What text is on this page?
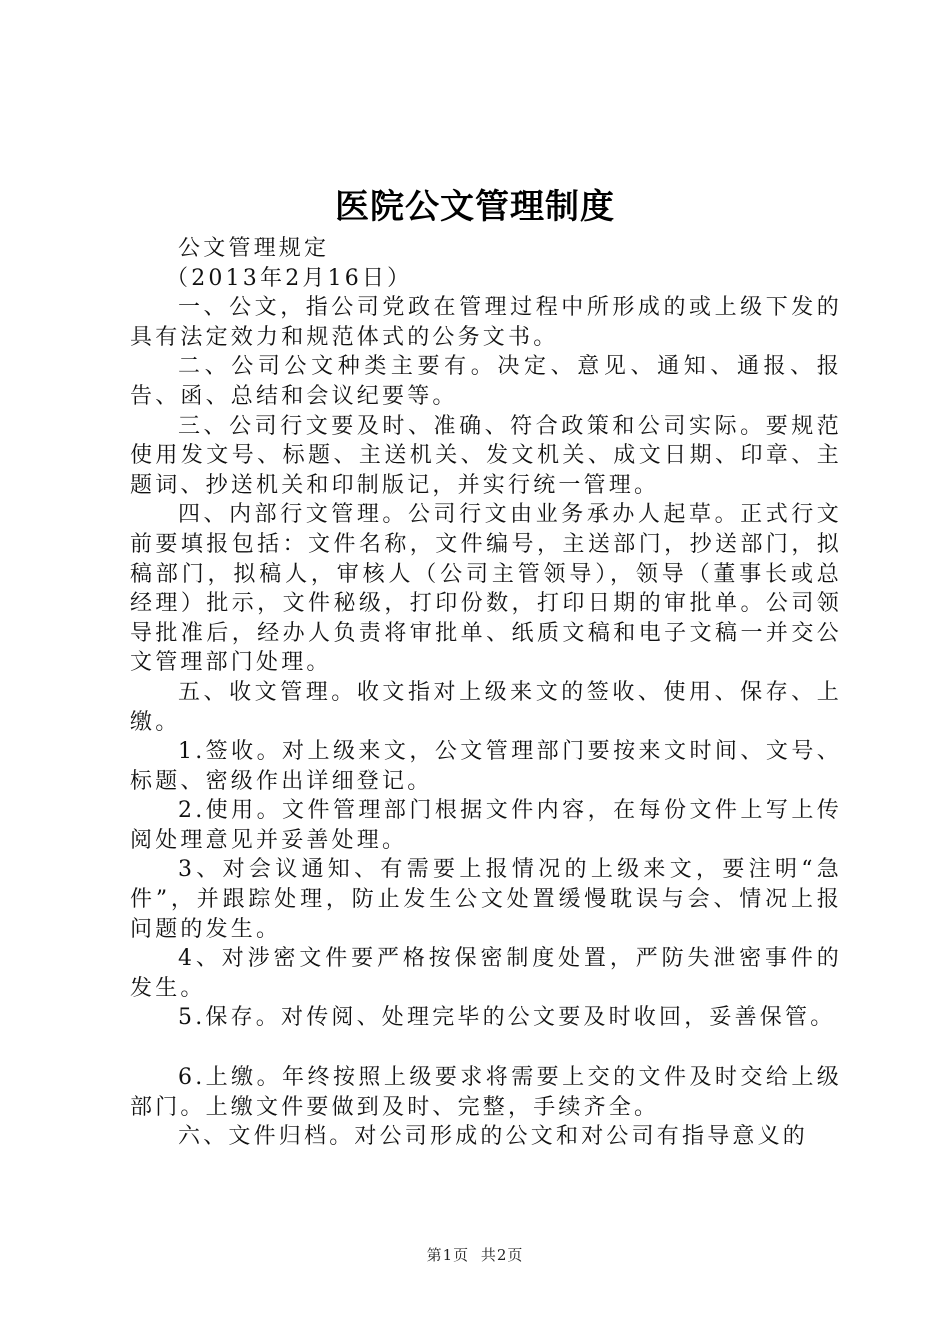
医院公文管理制度

公文管理规定

（2013年2月16日）

一、公文，指公司党政在管理过程中所形成的或上级下发的具有法定效力和规范体式的公务文书。

二、公司公文种类主要有。决定、意见、通知、通报、报告、函、总结和会议纪要等。

三、公司行文要及时、准确、符合政策和公司实际。要规范使用发文号、标题、主送机关、发文机关、成文日期、印章、主题词、抄送机关和印制版记，并实行统一管理。

四、内部行文管理。公司行文由业务承办人起草。正式行文前要填报包括：文件名称，文件编号，主送部门，抄送部门，拟稿部门，拟稿人，审核人（公司主管领导），领导（董事长或总经理）批示，文件秘级，打印份数，打印日期的审批单。公司领导批准后，经办人负责将审批单、纸质文稿和电子文稿一并交公文管理部门处理。

五、收文管理。收文指对上级来文的签收、使用、保存、上缴。

1.签收。对上级来文，公文管理部门要按来文时间、文号、标题、密级作出详细登记。

2.使用。文件管理部门根据文件内容，在每份文件上写上传阅处理意见并妥善处理。

3、对会议通知、有需要上报情况的上级来文，要注明“急件”，并跟踪处理，防止发生公文处置缓慢耽误与会、情况上报问题的发生。

4、对涉密文件要严格按保密制度处置，严防失泄密事件的发生。

5.保存。对传阅、处理完毕的公文要及时收回，妥善保管。

6.上缴。年终按照上级要求将需要上交的文件及时交给上级部门。上缴文件要做到及时、完整，手续齐全。

六、文件归档。对公司形成的公文和对公司有指导意义的

第1页 共2页
